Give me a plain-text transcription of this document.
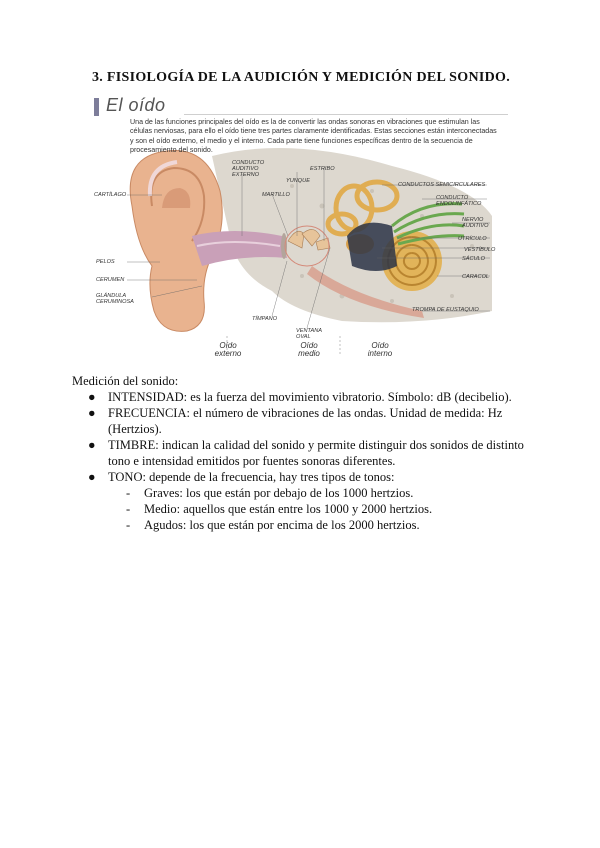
3. FISIOLOGÍA DE LA AUDICIÓN Y MEDICIÓN DEL SONIDO.
El oído
Una de las funciones principales del oído es la de convertir las ondas sonoras en vibraciones que estimulan las células nerviosas, para ello el oído tiene tres partes claramente identificadas. Estas secciones están interconectadas y son el oído externo, el medio y el interno. Cada parte tiene funciones específicas dentro de la secuencia de procesamiento del sonido.
CONDUCTO AUDITIVO EXTERNO
ESTRIBO
YUNQUE
MARTILLO
CARTÍLAGO
CONDUCTOS SEMICIRCULARES
CONDUCTO ENDOLINFÁTICO
NERVIO AUDITIVO
UTRÍCULO
VESTÍBULO
SÁCULO
CARACOL
PELOS
CERUMEN
GLÁNDULA CERUMINOSA
TROMPA DE EUSTAQUIO
TÍMPANO
VENTANA OVAL
Oído externo
Oído medio
Oído interno
Medición del sonido:
● INTENSIDAD: es la fuerza del movimiento vibratorio. Símbolo: dB (decibelio).
● FRECUENCIA: el número de vibraciones de las ondas. Unidad de medida: Hz (Hertzios).
● TIMBRE: indican la calidad del sonido y permite distinguir dos sonidos de distinto tono e intensidad emitidos por fuentes sonoras diferentes.
● TONO: depende de la frecuencia, hay tres tipos de tonos:
- Graves: los que están por debajo de los 1000 hertzios.
- Medio: aquellos que están entre los 1000 y 2000 hertzios.
- Agudos: los que están por encima de los 2000 hertzios.
